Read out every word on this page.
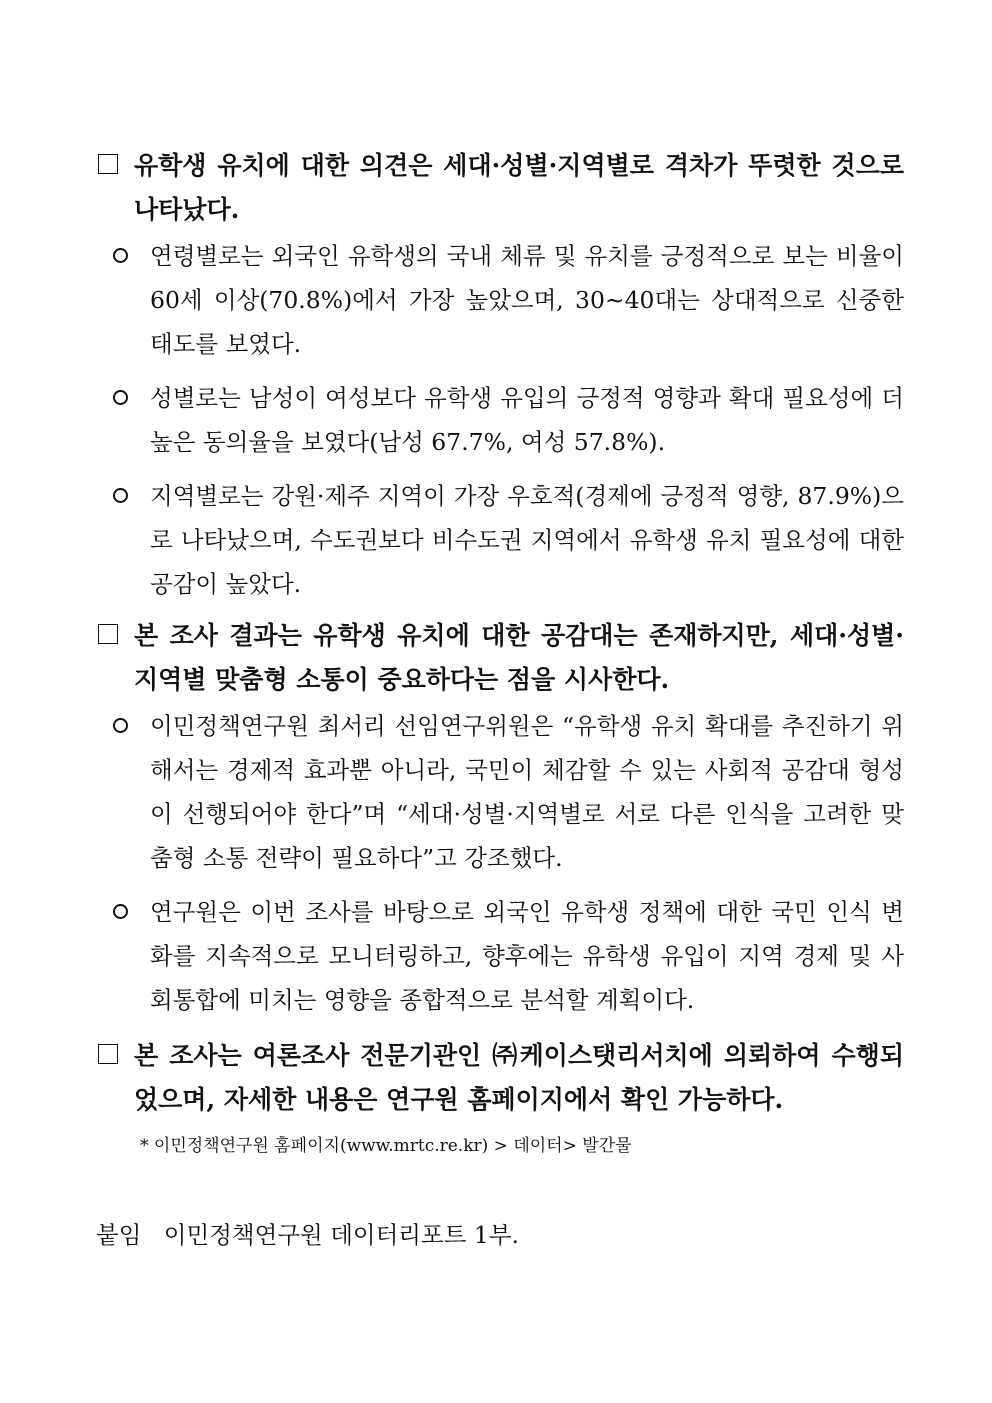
유학생 유치에 대한 의견은 세대·성별·지역별로 격차가 뚜렷한 것으로 나타났다.
연령별로는 외국인 유학생의 국내 체류 및 유치를 긍정적으로 보는 비율이 60세 이상(70.8%)에서 가장 높았으며, 30~40대는 상대적으로 신중한 태도를 보였다.
성별로는 남성이 여성보다 유학생 유입의 긍정적 영향과 확대 필요성에 더 높은 동의율을 보였다(남성 67.7%, 여성 57.8%).
지역별로는 강원·제주 지역이 가장 우호적(경제에 긍정적 영향, 87.9%)으로 나타났으며, 수도권보다 비수도권 지역에서 유학생 유치 필요성에 대한 공감이 높았다.
본 조사 결과는 유학생 유치에 대한 공감대는 존재하지만, 세대·성별·지역별 맞춤형 소통이 중요하다는 점을 시사한다.
이민정책연구원 최서리 선임연구위원은 “유학생 유치 확대를 추진하기 위해서는 경제적 효과뿐 아니라, 국민이 체감할 수 있는 사회적 공감대 형성이 선행되어야 한다”며 “세대·성별·지역별로 서로 다른 인식을 고려한 맞춤형 소통 전략이 필요하다”고 강조했다.
연구원은 이번 조사를 바탕으로 외국인 유학생 정책에 대한 국민 인식 변화를 지속적으로 모니터링하고, 향후에는 유학생 유입이 지역 경제 및 사회통합에 미치는 영향을 종합적으로 분석할 계획이다.
본 조사는 여론조사 전문기관인 ㈜케이스탯리서치에 의뢰하여 수행되었으며, 자세한 내용은 연구원 홈페이지에서 확인 가능하다.
* 이민정책연구원 홈페이지(www.mrtc.re.kr) > 데이터> 발간물
붙임   이민정책연구원 데이터리포트 1부.
